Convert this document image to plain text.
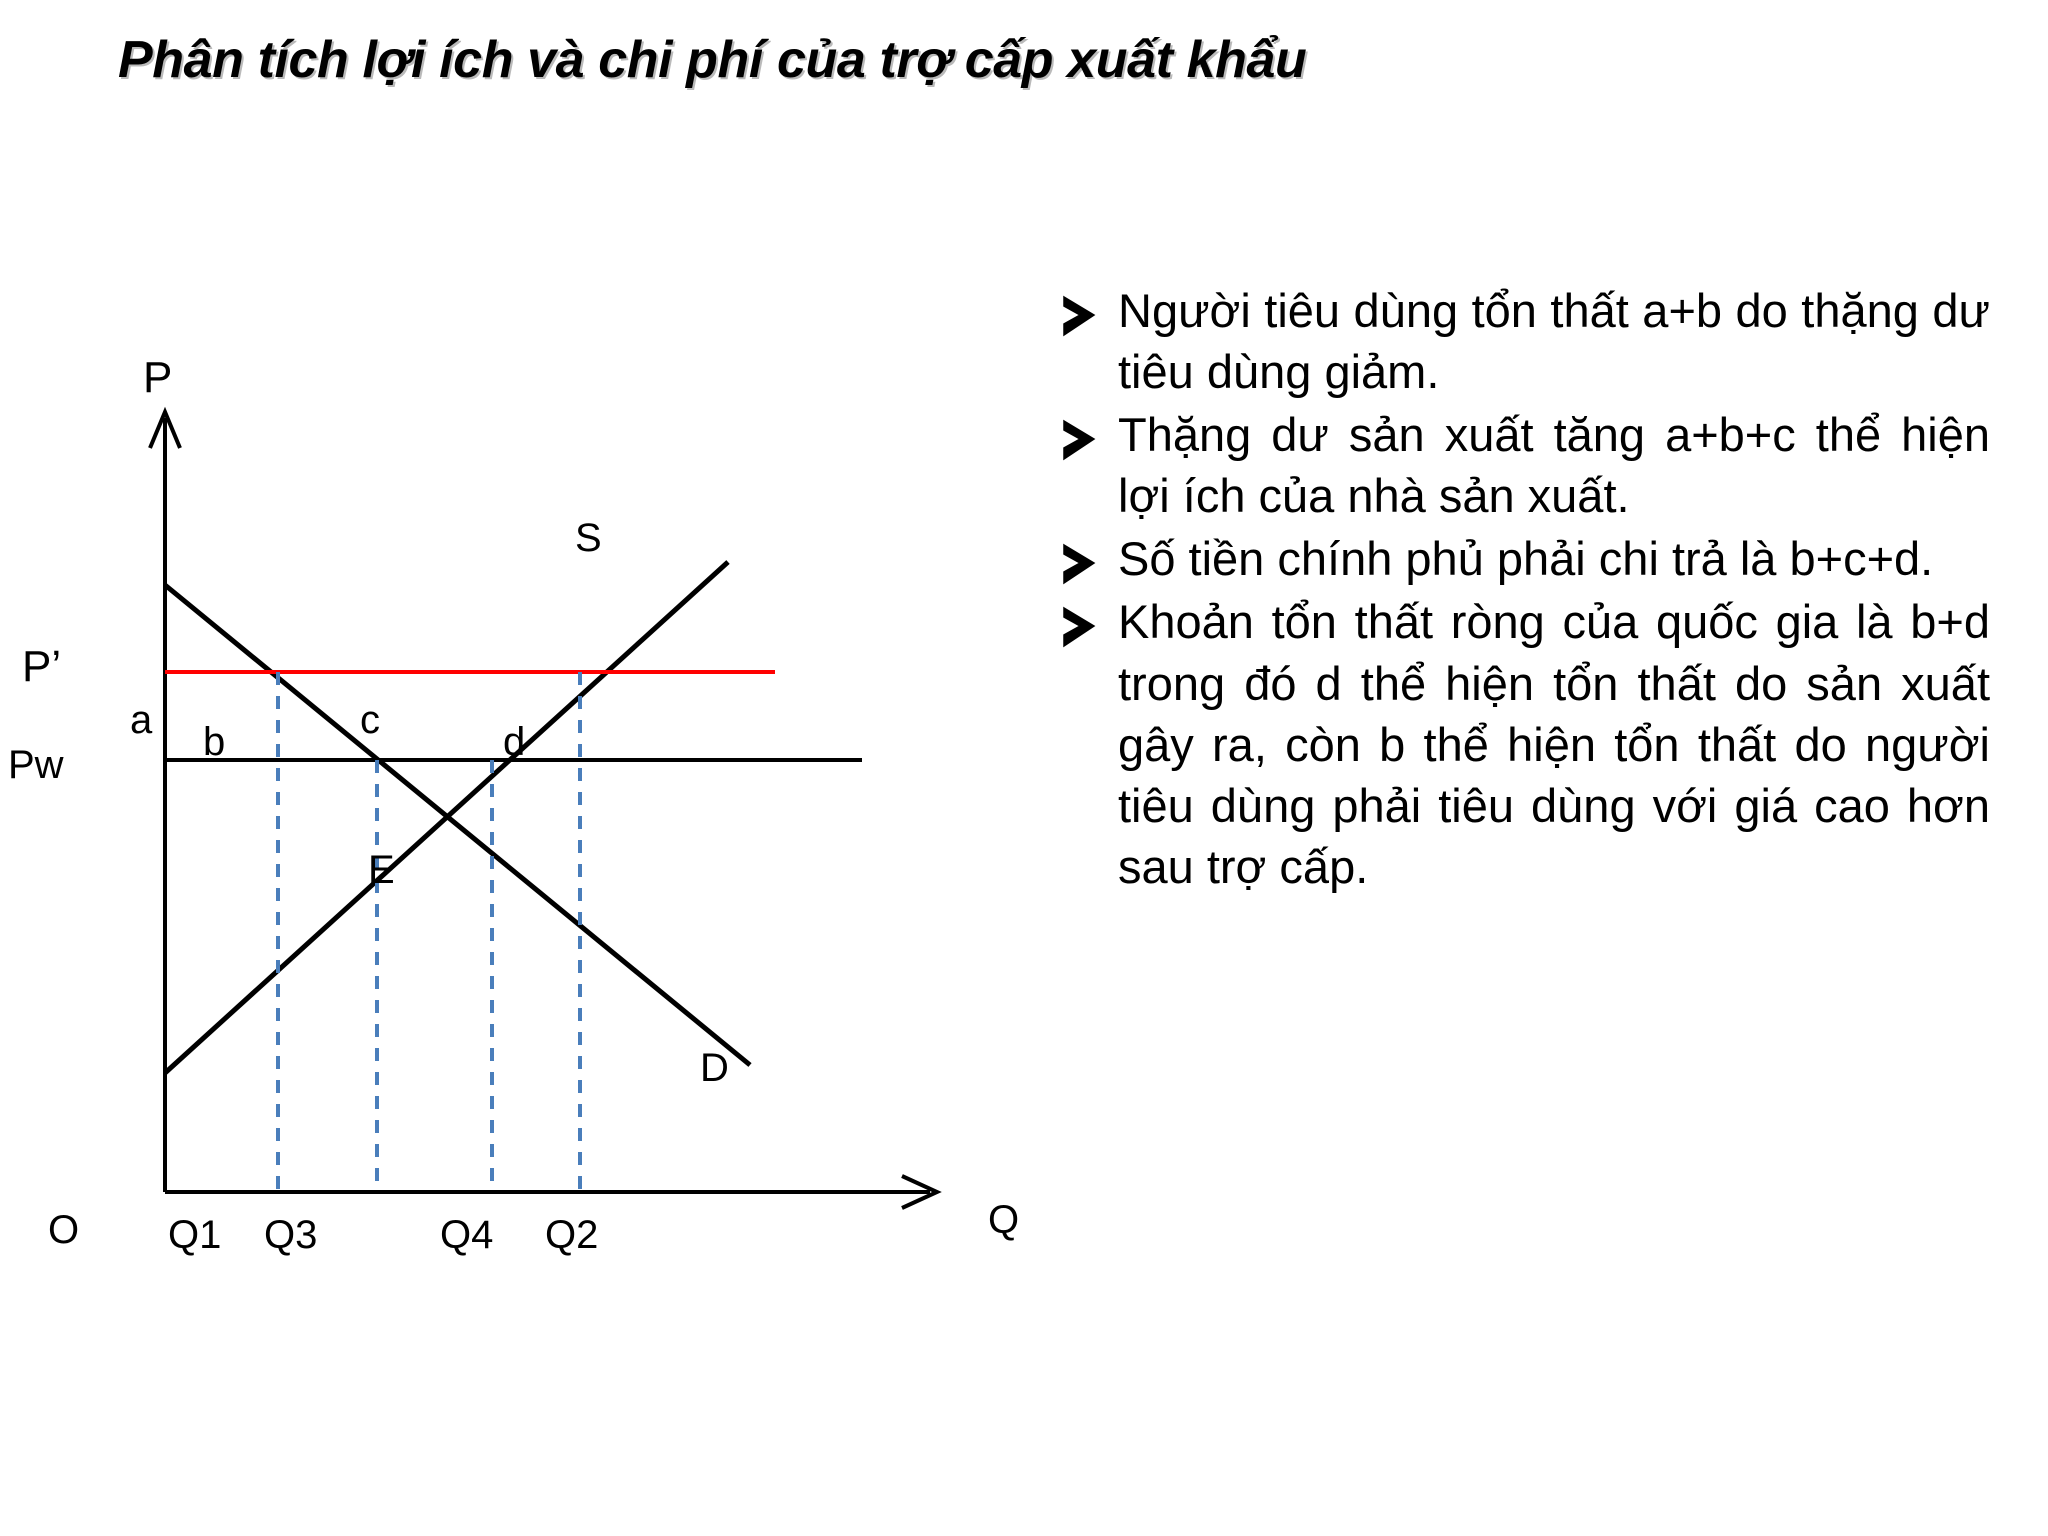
Phân tích lợi ích và chi phí của trợ cấp xuất khẩu
P
P’
Pw
a b	c	d
E
S
D
Q
O Q1 Q3	Q4 Q2
Người tiêu dùng tổn thất a+b do thặng dư tiêu dùng giảm.
Thặng dư sản xuất tăng a+b+c thể hiện lợi ích của nhà sản xuất.
Số tiền chính phủ phải chi trả là b+c+d.
Khoản tổn thất ròng của quốc gia là b+d trong đó d thể hiện tổn thất do sản xuất gây ra, còn b thể hiện tổn thất do người tiêu dùng phải tiêu dùng với giá cao hơn sau trợ cấp.
